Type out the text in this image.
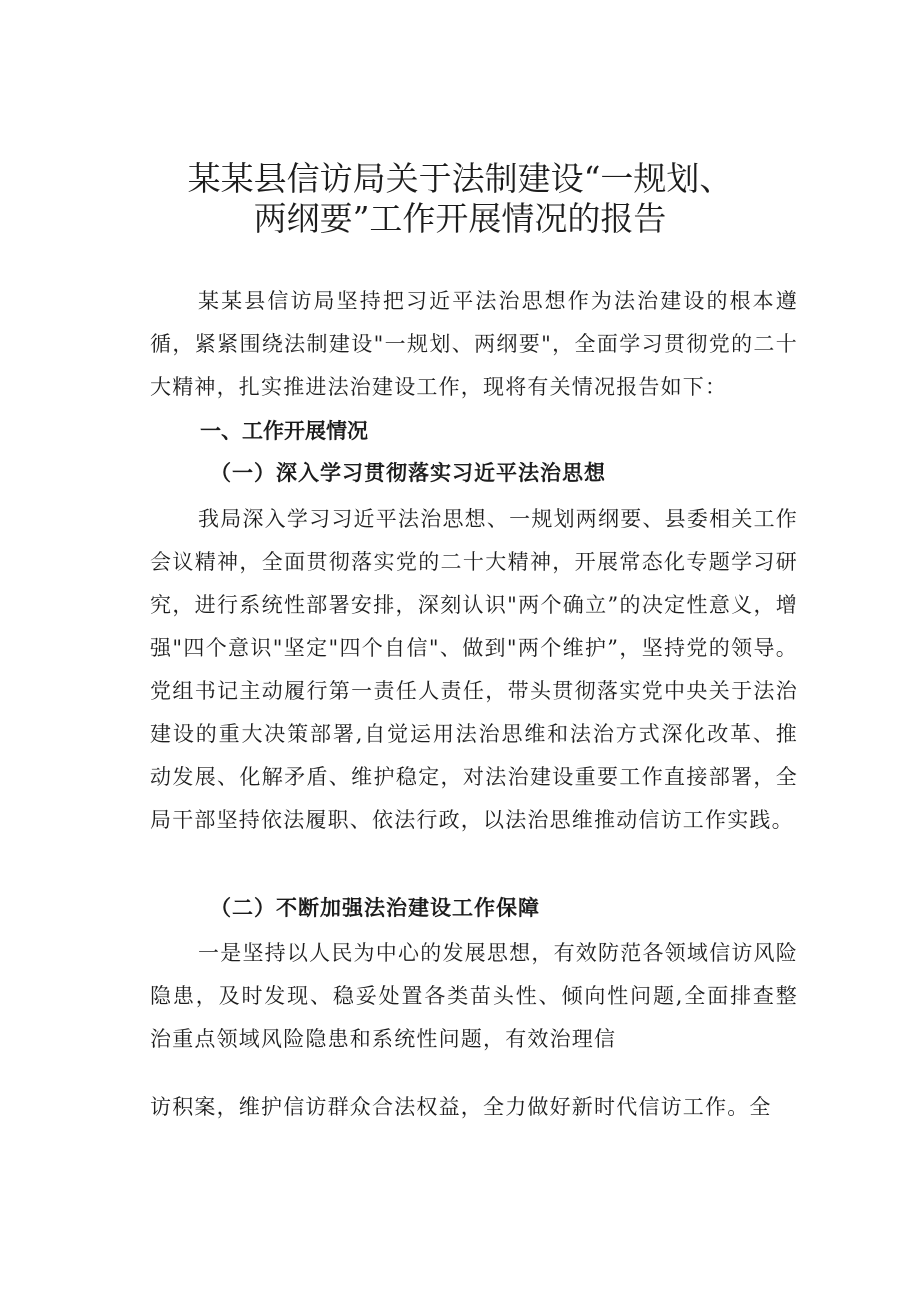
某某县信访局关于法制建设“一规划、
两纲要”工作开展情况的报告

某某县信访局坚持把习近平法治思想作为法治建设的根本遵循，紧紧围绕法制建设"一规划、两纲要"，全面学习贯彻党的二十大精神，扎实推进法治建设工作，现将有关情况报告如下：

一、工作开展情况
（一）深入学习贯彻落实习近平法治思想

我局深入学习习近平法治思想、一规划两纲要、县委相关工作会议精神，全面贯彻落实党的二十大精神，开展常态化专题学习研究，进行系统性部署安排，深刻认识"两个确立”的决定性意义，增强"四个意识"坚定"四个自信"、做到"两个维护”，坚持党的领导。党组书记主动履行第一责任人责任，带头贯彻落实党中央关于法治建设的重大决策部署,自觉运用法治思维和法治方式深化改革、推动发展、化解矛盾、维护稳定，对法治建设重要工作直接部署，全局干部坚持依法履职、依法行政，以法治思维推动信访工作实践。

（二）不断加强法治建设工作保障

一是坚持以人民为中心的发展思想，有效防范各领域信访风险隐患，及时发现、稳妥处置各类苗头性、倾向性问题,全面排查整治重点领域风险隐患和系统性问题，有效治理信

访积案，维护信访群众合法权益，全力做好新时代信访工作。全
